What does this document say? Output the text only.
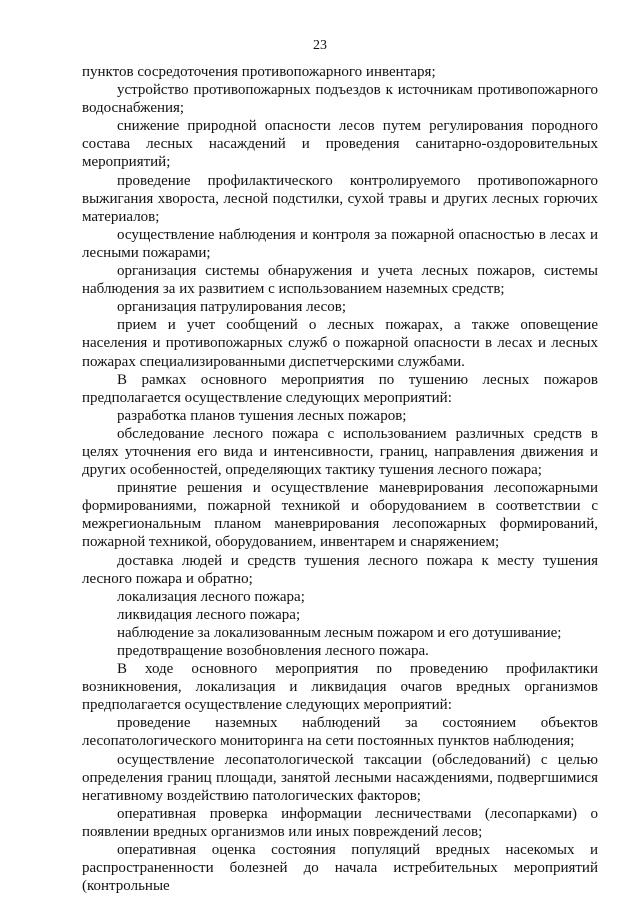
23

пунктов сосредоточения противопожарного инвентаря;

устройство противопожарных подъездов к источникам противопожарного водоснабжения;

снижение природной опасности лесов путем регулирования породного состава лесных насаждений и проведения санитарно-оздоровительных мероприятий;

проведение профилактического контролируемого противопожарного выжигания хвороста, лесной подстилки, сухой травы и других лесных горючих материалов;

осуществление наблюдения и контроля за пожарной опасностью в лесах и лесными пожарами;

организация системы обнаружения и учета лесных пожаров, системы наблюдения за их развитием с использованием наземных средств;

организация патрулирования лесов;

прием и учет сообщений о лесных пожарах, а также оповещение населения и противопожарных служб о пожарной опасности в лесах и лесных пожарах специализированными диспетчерскими службами.

В рамках основного мероприятия по тушению лесных пожаров предполагается осуществление следующих мероприятий:

разработка планов тушения лесных пожаров;

обследование лесного пожара с использованием различных средств в целях уточнения его вида и интенсивности, границ, направления движения и других особенностей, определяющих тактику тушения лесного пожара;

принятие решения и осуществление маневрирования лесопожарными формированиями, пожарной техникой и оборудованием в соответствии с межрегиональным планом маневрирования лесопожарных формирований, пожарной техникой, оборудованием, инвентарем и снаряжением;

доставка людей и средств тушения лесного пожара к месту тушения лесного пожара и обратно;

локализация лесного пожара;

ликвидация лесного пожара;

наблюдение за локализованным лесным пожаром и его дотушивание;

предотвращение возобновления лесного пожара.

В ходе основного мероприятия по проведению профилактики возникновения, локализация и ликвидация очагов вредных организмов предполагается осуществление следующих мероприятий:

проведение наземных наблюдений за состоянием объектов лесопатологического мониторинга на сети постоянных пунктов наблюдения;

осуществление лесопатологической таксации (обследований) с целью определения границ площади, занятой лесными насаждениями, подвергшимися негативному воздействию патологических факторов;

оперативная проверка информации лесничествами (лесопарками) о появлении вредных организмов или иных повреждений лесов;

оперативная оценка состояния популяций вредных насекомых и распространенности болезней до начала истребительных мероприятий (контрольные
